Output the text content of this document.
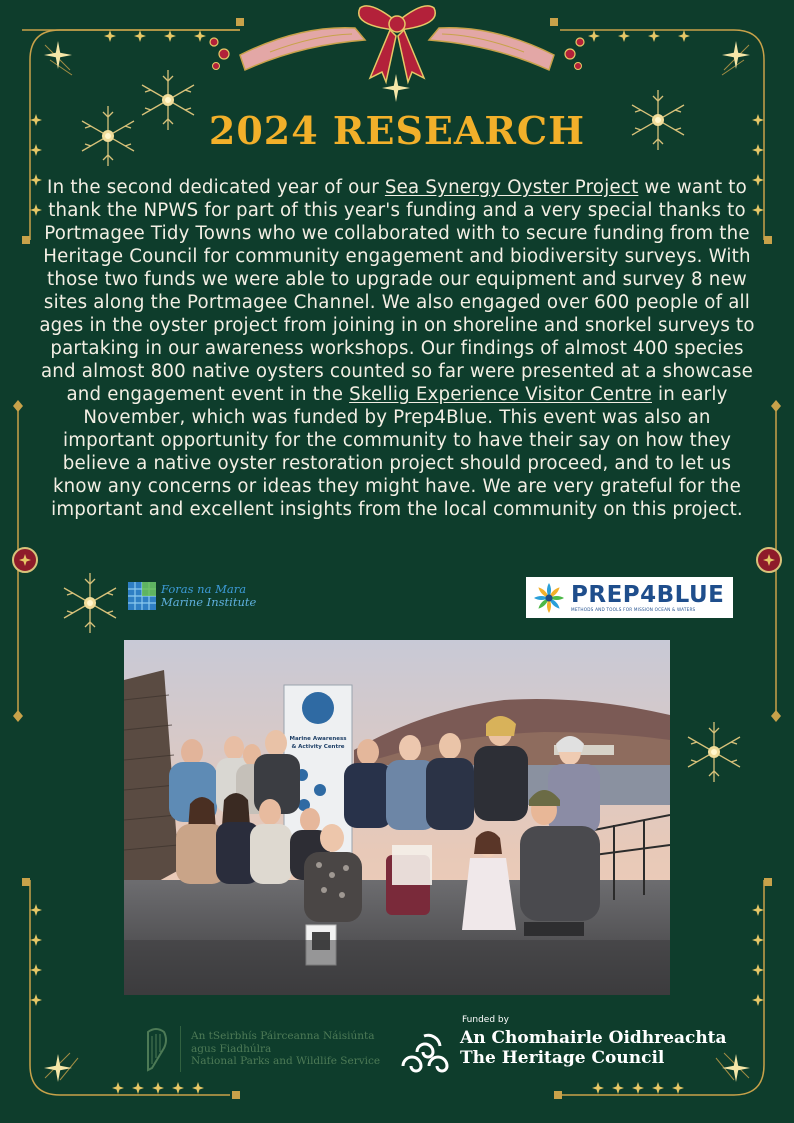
2024 RESEARCH

In the second dedicated year of our Sea Synergy Oyster Project we want to thank the NPWS for part of this year's funding and a very special thanks to Portmagee Tidy Towns who we collaborated with to secure funding from the Heritage Council for community engagement and biodiversity surveys. With those two funds we were able to upgrade our equipment and survey 8 new sites along the Portmagee Channel. We also engaged over 600 people of all ages in the oyster project from joining in on shoreline and snorkel surveys to partaking in our awareness workshops. Our findings of almost 400 species and almost 800 native oysters counted so far were presented at a showcase and engagement event in the Skellig Experience Visitor Centre in early November, which was funded by Prep4Blue. This event was also an important opportunity for the community to have their say on how they believe a native oyster restoration project should proceed, and to let us know any concerns or ideas they might have. We are very grateful for the important and excellent insights from the local community on this project.

Foras na Mara
Marine Institute	PREP4BLUE
METHODS AND TOOLS FOR MISSION OCEAN & WATERS
Marine Awareness
& Activity Centre
An tSeirbhís Páirceanna Náisiúnta
agus Fiadhúlra
National Parks and Wildlife Service
Funded by
An Chomhairle Oidhreachta
The Heritage Council
